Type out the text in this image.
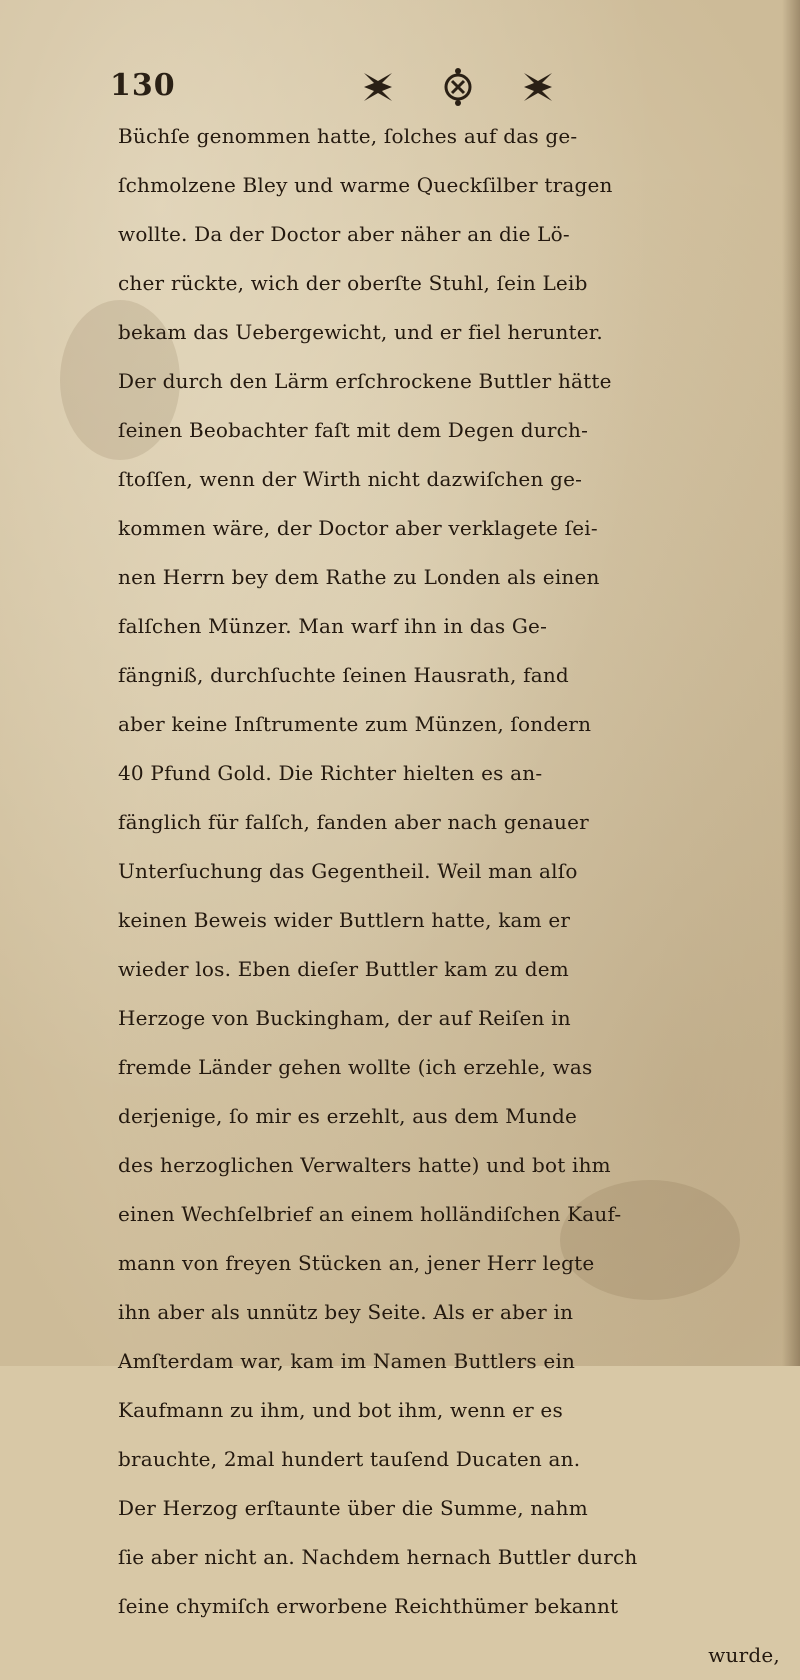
130
Büchſe genommen hatte, ſolches auf das ge-
ſchmolzene Bley und warme Queckſilber tragen
wollte. Da der Doctor aber näher an die Lö-
cher rückte, wich der oberſte Stuhl, ſein Leib
bekam das Uebergewicht, und er fiel herunter.
Der durch den Lärm erſchrockene Buttler hätte
ſeinen Beobachter faſt mit dem Degen durch-
ſtoſſen, wenn der Wirth nicht dazwiſchen ge-
kommen wäre, der Doctor aber verklagete ſei-
nen Herrn bey dem Rathe zu Londen als einen
falſchen Münzer. Man warf ihn in das Ge-
fängniß, durchſuchte ſeinen Hausrath, fand
aber keine Inſtrumente zum Münzen, ſondern
40 Pfund Gold. Die Richter hielten es an-
fänglich für falſch, fanden aber nach genauer
Unterſuchung das Gegentheil. Weil man alſo
keinen Beweis wider Buttlern hatte, kam er
wieder los. Eben dieſer Buttler kam zu dem
Herzoge von Buckingham, der auf Reiſen in
fremde Länder gehen wollte (ich erzehle, was
derjenige, ſo mir es erzehlt, aus dem Munde
des herzoglichen Verwalters hatte) und bot ihm
einen Wechſelbrief an einem holländiſchen Kauf-
mann von freyen Stücken an, jener Herr legte
ihn aber als unnütz bey Seite. Als er aber in
Amſterdam war, kam im Namen Buttlers ein
Kaufmann zu ihm, und bot ihm, wenn er es
brauchte, 2mal hundert tauſend Ducaten an.
Der Herzog erſtaunte über die Summe, nahm
ſie aber nicht an. Nachdem hernach Buttler durch
ſeine chymiſch erworbene Reichthümer bekannt
wurde,
